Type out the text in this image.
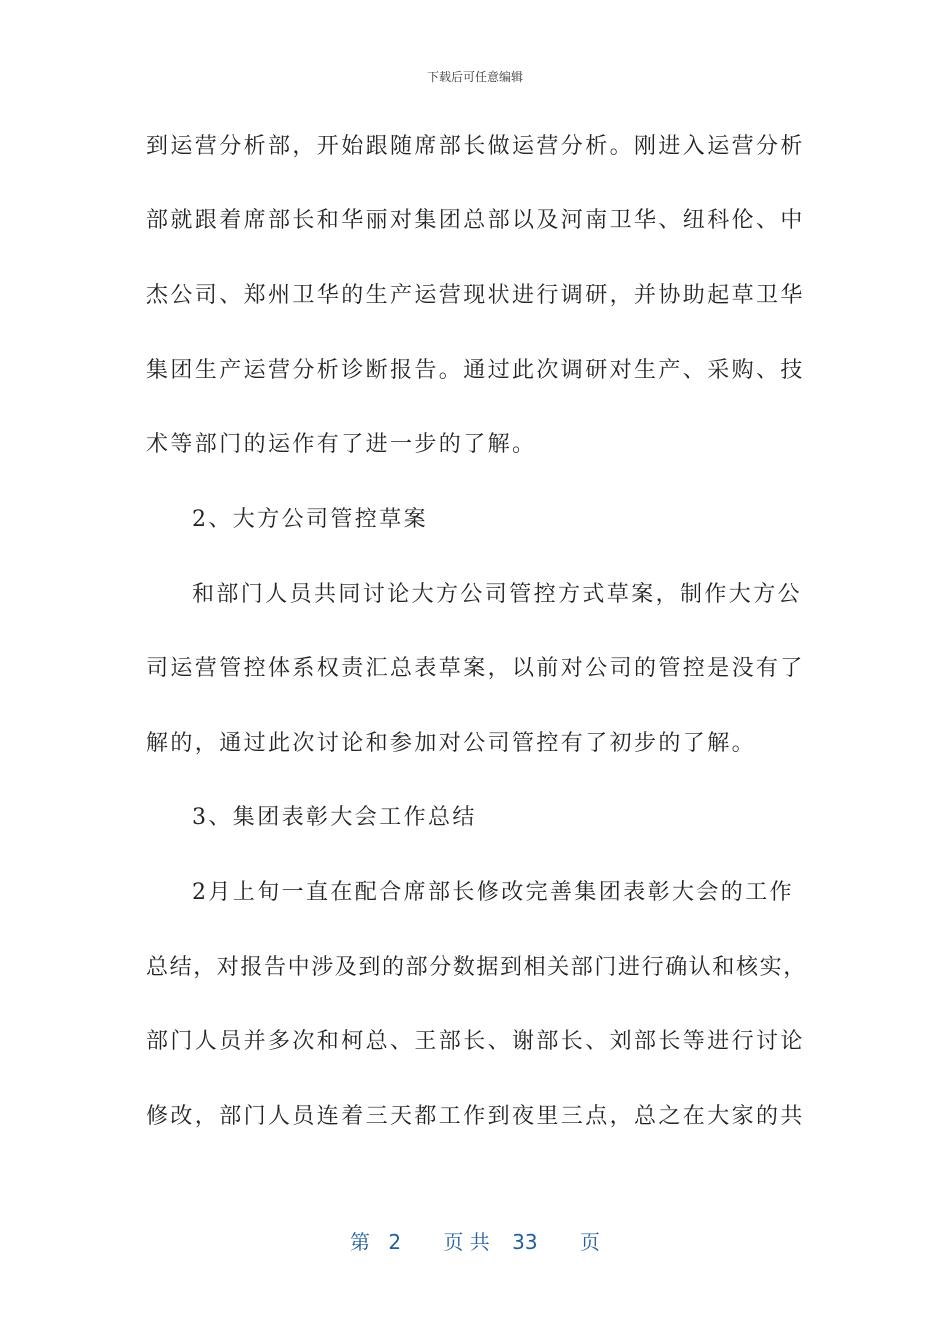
下载后可任意编辑
到运营分析部，开始跟随席部长做运营分析。刚进入运营分析
部就跟着席部长和华丽对集团总部以及河南卫华、纽科伦、中
杰公司、郑州卫华的生产运营现状进行调研，并协助起草卫华
集团生产运营分析诊断报告。通过此次调研对生产、采购、技
术等部门的运作有了进一步的了解。
2、大方公司管控草案
和部门人员共同讨论大方公司管控方式草案，制作大方公
司运营管控体系权责汇总表草案，以前对公司的管控是没有了
解的，通过此次讨论和参加对公司管控有了初步的了解。
3、集团表彰大会工作总结
2月上旬一直在配合席部长修改完善集团表彰大会的工作
总结，对报告中涉及到的部分数据到相关部门进行确认和核实，
部门人员并多次和柯总、王部长、谢部长、刘部长等进行讨论
修改，部门人员连着三天都工作到夜里三点，总之在大家的共
第 2 页 共 33 页
